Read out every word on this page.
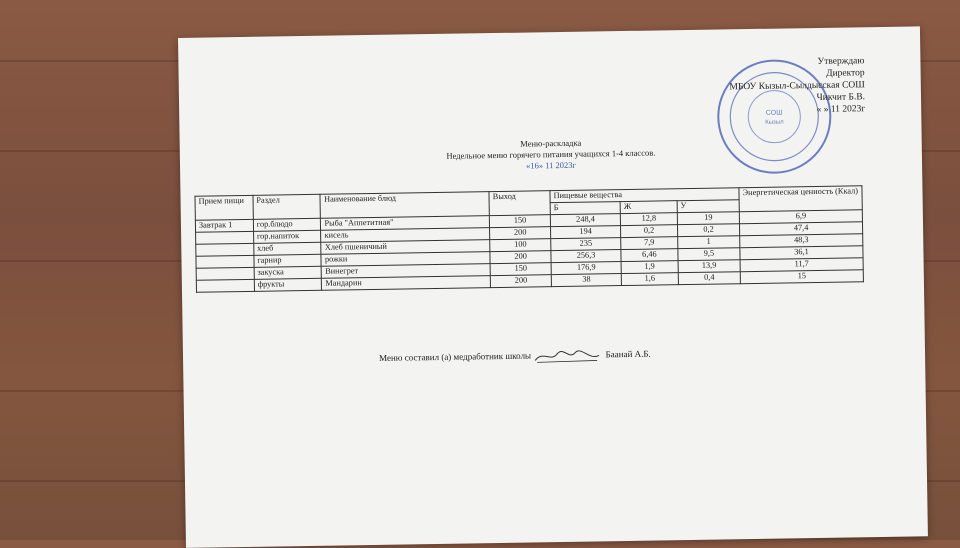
СОШ
Кызыл
Утверждаю
Директор
МБОУ Кызыл-Сылдысская СОШ
Чикчит Б.В.
« » 11 2023г
Меню-раскладка
Недельное меню горячего питания учащихся 1-4 классов.
«16» 11 2023г
Прием пищи	Раздел	Наименование блюд	Выход	Пищевые вещества			Энергетическая ценность (Ккал)
				Б	Ж	У	
Завтрак 1	гор.блюдо	Рыба "Аппетитная"	150	248,4	12,8	19	6,9
	гор.напиток	кисель	200	194	0,2	0,2	47,4
	хлеб	Хлеб пшеничный	100	235	7,9	1	48,3
	гарнир	рожки	200	256,3	6,46	9,5	36,1
	закуска	Винегрет	150	176,9	1,9	13,9	11,7
	фрукты	Мандарин	200	38	1,6	0,4	15
Меню составил (а) медработник школы	Баанай А.Б.
